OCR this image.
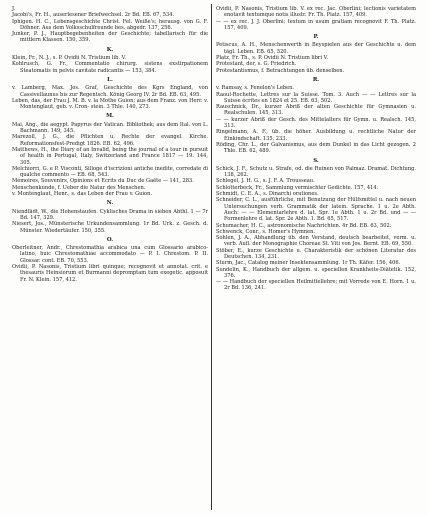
J.

Jacobi's, Fr. H., auserlesener Briefwechsel. 2r Bd. EB. 67, 534.

Iphigen. H. C., Lebensgeschichte Christ. Fel. Weiße's; herausg. von G. F. Döhner. Aus dem Volksschulfreunde bes. abgedr. 137, 256.

Junker, P. J., Hauptbegebenheiten der Geschichte; tabellarisch für die mittlern Klassen. 150, 359.

K.

Klein, Fr., N. J., s. P. Ovidii N. Tristium lib. V.

Kohlrusch, G. Fr., Commentatio chirurg. sistens exstirpationem Steatomatis in pelvis cavitate radicantis — 153, 384.

L.

v. Lamberg, Max. Jos. Graf, Geschichte des Kgrs England, von Cassivellaunus bis zur Regentsch. König Georg IV. 2r Bd. EB. 63, 495.

Leben, das, der Frau J. M. B. v. la Mothe Guion; aus dem Franz. von Herr. v. Montenglaut, geb. v. Cron- stein. 3 Thle. 140, 273.

M.

Mai, Ang., die aegypt. Papyrus der Vatican. Bibliothek; aus dem Ital. von L. Bachmann. 149, 345.

Marezoll, J. G., die Pflichten u. Rechte der evangel. Kirche. Reformationsfest-Predigt 1826. EB. 62, 496.

Matthews, H., the Diary of an Invalid, being the journal of a tour in pursuit of health in Portugal, Italy, Switzerland and France 1817 — 19. 144, 305.

Melchiorri, G. e P. Visconti, Silloge d'iscrizioni antiche inedite, corredate di qualche commento — EB. 68, 543.

Mémoires, Souvenirs, Opinions et Ecrits du Duc de Gaëte — 141, 283.

Menschenkunde, f. Ueber die Natur des Menschen.

v. Montenglaut, Henr., s. das Leben der Frau v. Guion.

N.

Niendfädt, W., die Hohenstaufen. Cyklisches Drama in sieben Abthl. 1 — 7r Bd. 147, 329.

Niesert, Jos., Münsterische Urkundensammlung. 1r Bd. Urk. z. Gesch. d. Münster. Wiedertäufer. 150, 355.

O.

Oberleitner, Andr., Chrestomathia arabica una cum Glossario arabico-latino, huic Chrestomathiae accommodato — P. I. Chrestom. P. II. Glossar. cont. EB. 70, 553.

Ovidii, P. Nasonis, Tristium libri quinque; recognovit et annotat. crit. e thesauris Heinsiorum et Burmanni depromptam tum exegetic. apposuit Fr. N. Klein. 157, 412.

Ovidii, P. Nasonis, Tristium lib. V. ex rec. Jac. Oberlini; lectionis varietatem enotavit textumque notis illustr. Fr. Th. Platz. 157, 409.

— — ex rec. J. J. Oberlini; textum in usum gratiam recognovit F. Th. Platz. 157, 409.

P.

Petiscus, A. H., Menschenwerth in Beyspielen aus der Geschichte u. dem tägl. Leben. EB. 65, 520.

Platz, Fr. Th., s. P. Ovidii N. Tristium libri V.

Protestant, der, s. G. Friedrich.

Protestantismus, f. Betrachtungen üb. denselben.

R.

v. Ramsay, s. Fenelon's Leben.

Raoul-Rochette, Lettres sur la Suisse. Tom. 3. Auch — — Lettres sur la Suisse écrites en 1824 et 25. EB. 63, 502.

Rauschnick, Dr., kurzer Abriß der alten Geschichte für Gymnasien u. Realschulen. 145, 313.

— — kurzer Abriß der Gesch. des Mittelalters für Gymn. u. Realsch. 145, 313.

Ringelmann, A. F., üb. die höher. Ausbildung u. rechtliche Natur der Einkindschaft. 135, 233.

Röding, Chr. L., der Galvanismus, aus dem Dunkel in das Licht gezogen. 2 Thle. EB. 62, 489.

S.

Schick, J. F., Schutz u. Strafe, od. die Ruinen von Palmaz. Dramat. Dichtung. 138, 262.

Schlegel, J. H. G., s. J. F. A. Trousseau.

Schlotterbeck, Fr., Sammlung vermischter Gedichte. 157, 414.

Schmidt, C. E. A., s. Dinarchi orationes.

Schneider, C. L., ausführliche, mit Benutzung der Hülfsmittel u. nach neuen Untersuchungen verb. Grammatik der latein. Sprache. 1 u. 2e Abth. Auch: — — Elementarlehre d. lat. Spr. 1e Abth. 1 u. 2r Bd. und — — Formenlehre d. lat. Spr. 2e Abth. 1. Bd. 65, 517.

Schumacher, H. C., astronomische Nachrichten. 4r Bd. EB. 63, 502.

Schwenck, Conr., s. Homer's Hymnen.

Sohlen, J. A., Abhandlung üb. den Verstand, deutsch bearbeitet, verm. u. verb. Aufl. der Monographie Choreae St. Viti von Jos. Bernt. EB. 69, 550.

Stöber, E., kurze Geschichte u. Charakteristik der schönen Literatur des Deutschen. 134, 231.

Sturm, Jac., Catalog meiner Insektensammlung. 1r Th. Käfer. 156, 406.

Sundelin, K., Handbuch der allgem. u. speciellen Krankheits-Diätetik. 152, 376.

— — Handbuch der speciellen Heilmittellehre; mit Vorrede von E. Horn. 1 u. 2r Bd. 136, 241.
